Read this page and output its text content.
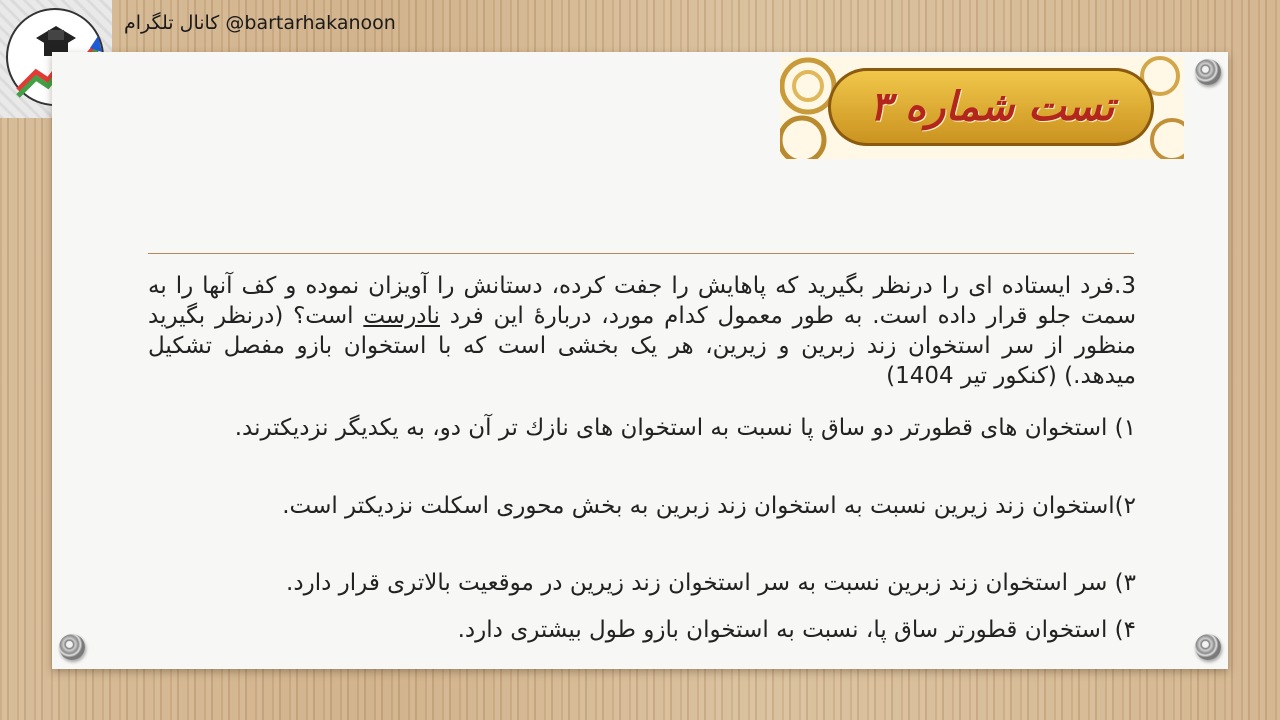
کانال تلگرام @bartarhakanoon
تست شماره ۳
3.فرد ایستاده ای را درنظر بگیرید که پاهایش را جفت کرده، دستانش را آویزان نموده و کف آنها را به سمت جلو قرار داده است. به طور معمول کدام مورد، دربارهٔ این فرد نادرست است؟ (درنظر بگیرید منظور از سر استخوان زند زبرین و زیرین، هر یک بخشی است که با استخوان بازو مفصل تشکیل میدهد.) (کنکور تیر 1404)
۱) استخوان های قطورتر دو ساق پا نسبت به استخوان های نازك تر آن دو، به یکدیگر نزدیکترند.
۲)استخوان زند زیرین نسبت به استخوان زند زبرین به بخش محوری اسکلت نزدیکتر است.
۳) سر استخوان زند زبرین نسبت به سر استخوان زند زیرین در موقعیت بالاتری قرار دارد.
۴) استخوان قطورتر ساق پا، نسبت به استخوان بازو طول بیشتری دارد.
